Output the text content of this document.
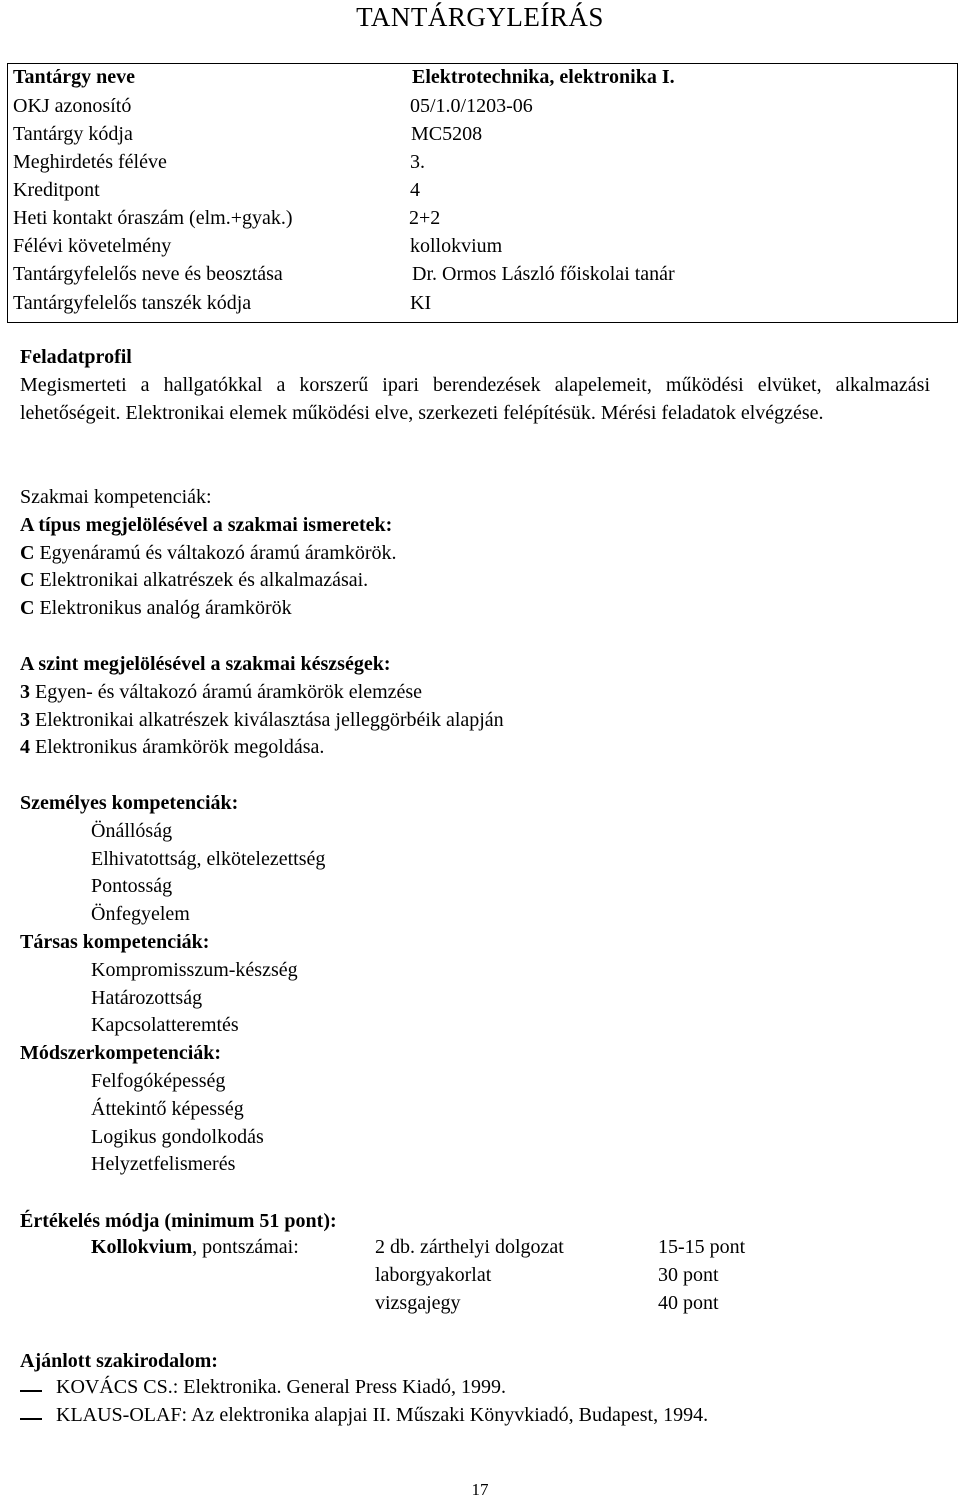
TANTÁRGYLEÍRÁS
Tantárgy neve	Elektrotechnika, elektronika I.
OKJ azonosító	05/1.0/1203-06
Tantárgy kódja	MC5208
Meghirdetés féléve	3.
Kreditpont	4
Heti kontakt óraszám (elm.+gyak.)	2+2
Félévi követelmény	kollokvium
Tantárgyfelelős neve és beosztása	Dr. Ormos László főiskolai tanár
Tantárgyfelelős tanszék kódja	KI
Feladatprofil
Megismerteti a hallgatókkal a korszerű ipari berendezések alapelemeit, működési elvüket, alkalmazási lehetőségeit. Elektronikai elemek működési elve, szerkezeti felépítésük. Mérési feladatok elvégzése.
Szakmai kompetenciák:
A típus megjelölésével a szakmai ismeretek:
C Egyenáramú és váltakozó áramú áramkörök.
C Elektronikai alkatrészek és alkalmazásai.
C Elektronikus analóg áramkörök
A szint megjelölésével a szakmai készségek:
3 Egyen- és váltakozó áramú áramkörök elemzése
3 Elektronikai alkatrészek kiválasztása jelleggörbéik alapján
4 Elektronikus áramkörök megoldása.
Személyes kompetenciák:
Önállóság
Elhivatottság, elkötelezettség
Pontosság
Önfegyelem
Társas kompetenciák:
Kompromisszum-készség
Határozottság
Kapcsolatteremtés
Módszerkompetenciák:
Felfogóképesség
Áttekintő képesség
Logikus gondolkodás
Helyzetfelismerés
Értékelés módja (minimum 51 pont):
Kollokvium, pontszámai:	2 db. zárthelyi dolgozat	15-15 pont
laborgyakorlat	30 pont
vizsgajegy	40 pont
Ajánlott szakirodalom:
KOVÁCS CS.: Elektronika. General Press Kiadó, 1999.
KLAUS-OLAF: Az elektronika alapjai II. Műszaki Könyvkiadó, Budapest, 1994.
17
